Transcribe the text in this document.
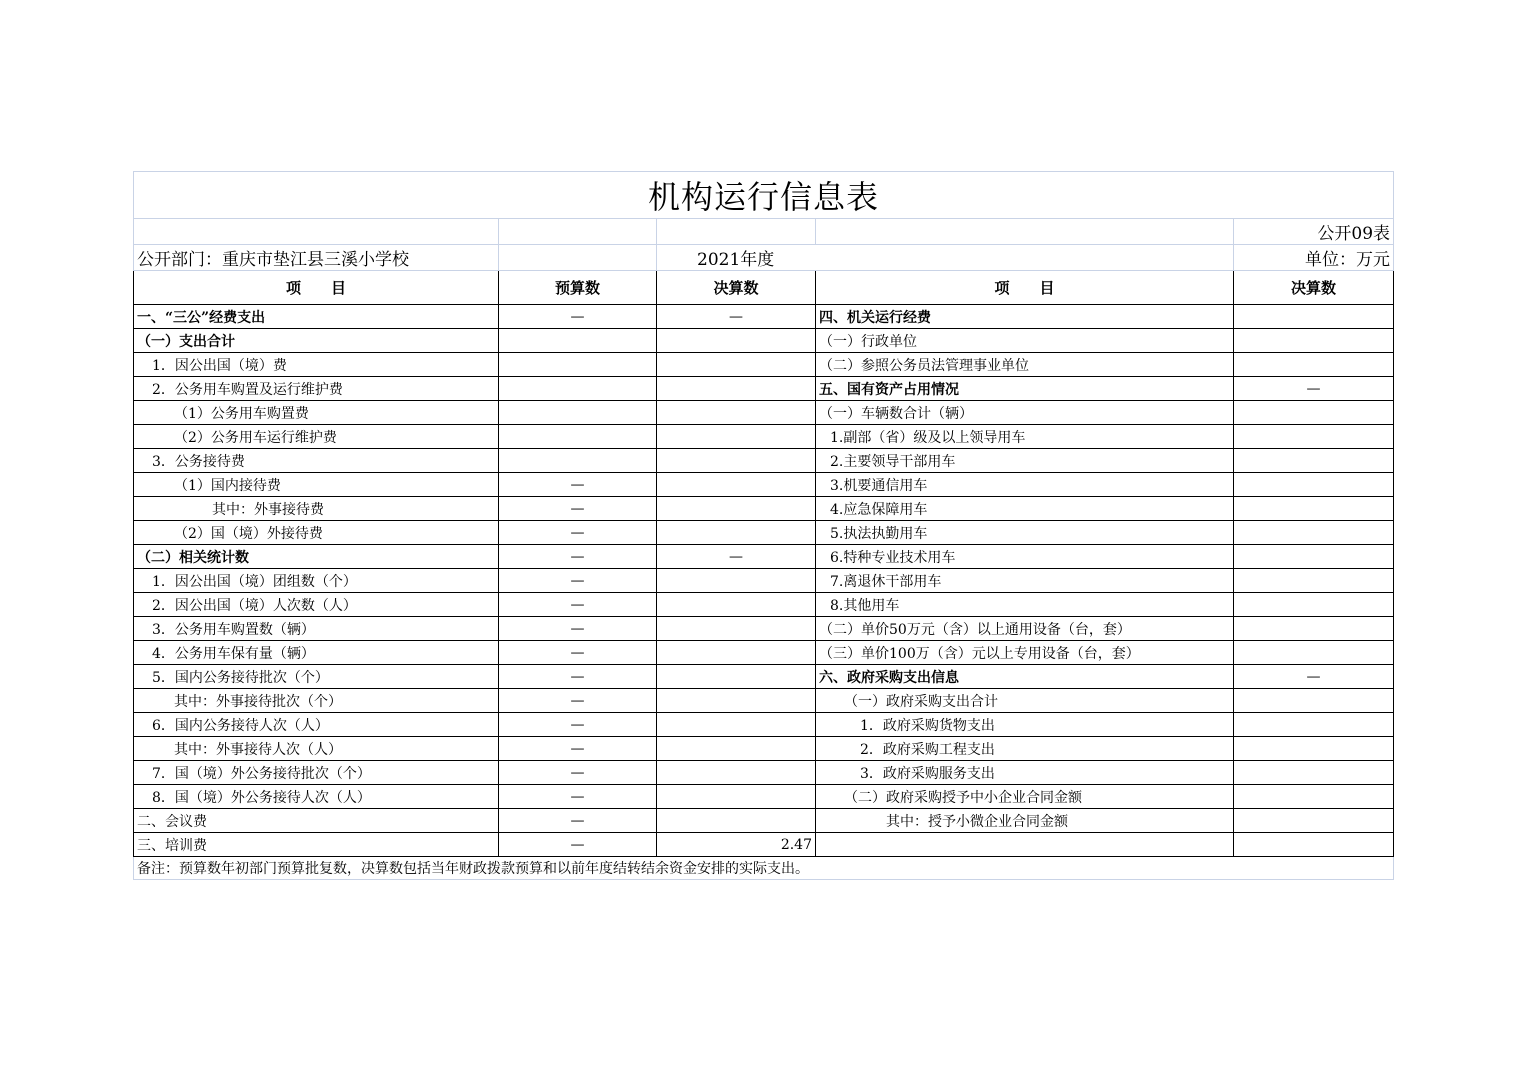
机构运行信息表				
				公开09表
公开部门：重庆市垫江县三溪小学校		2021年度		单位：万元
项　　目	预算数	决算数	项　　目	决算数
一、“三公”经费支出	—	—	四、机关运行经费	
（一）支出合计			（一）行政单位	
1．因公出国（境）费			（二）参照公务员法管理事业单位	
2．公务用车购置及运行维护费			五、国有资产占用情况	—
（1）公务用车购置费			（一）车辆数合计（辆）	
（2）公务用车运行维护费			1.副部（省）级及以上领导用车	
3．公务接待费			2.主要领导干部用车	
（1）国内接待费	—		3.机要通信用车	
其中：外事接待费	—		4.应急保障用车	
（2）国（境）外接待费	—		5.执法执勤用车	
（二）相关统计数	—	—	6.特种专业技术用车	
1．因公出国（境）团组数（个）	—		7.离退休干部用车	
2．因公出国（境）人次数（人）	—		8.其他用车	
3．公务用车购置数（辆）	—		（二）单价50万元（含）以上通用设备（台，套）	
4．公务用车保有量（辆）	—		（三）单价100万（含）元以上专用设备（台，套）	
5．国内公务接待批次（个）	—		六、政府采购支出信息	—
其中：外事接待批次（个）	—		（一）政府采购支出合计	
6．国内公务接待人次（人）	—		1．政府采购货物支出	
其中：外事接待人次（人）	—		2．政府采购工程支出	
7．国（境）外公务接待批次（个）	—		3．政府采购服务支出	
8．国（境）外公务接待人次（人）	—		（二）政府采购授予中小企业合同金额	
二、会议费	—		其中：授予小微企业合同金额	
三、培训费	—	2.47		
备注：预算数年初部门预算批复数，决算数包括当年财政拨款预算和以前年度结转结余资金安排的实际支出。				
